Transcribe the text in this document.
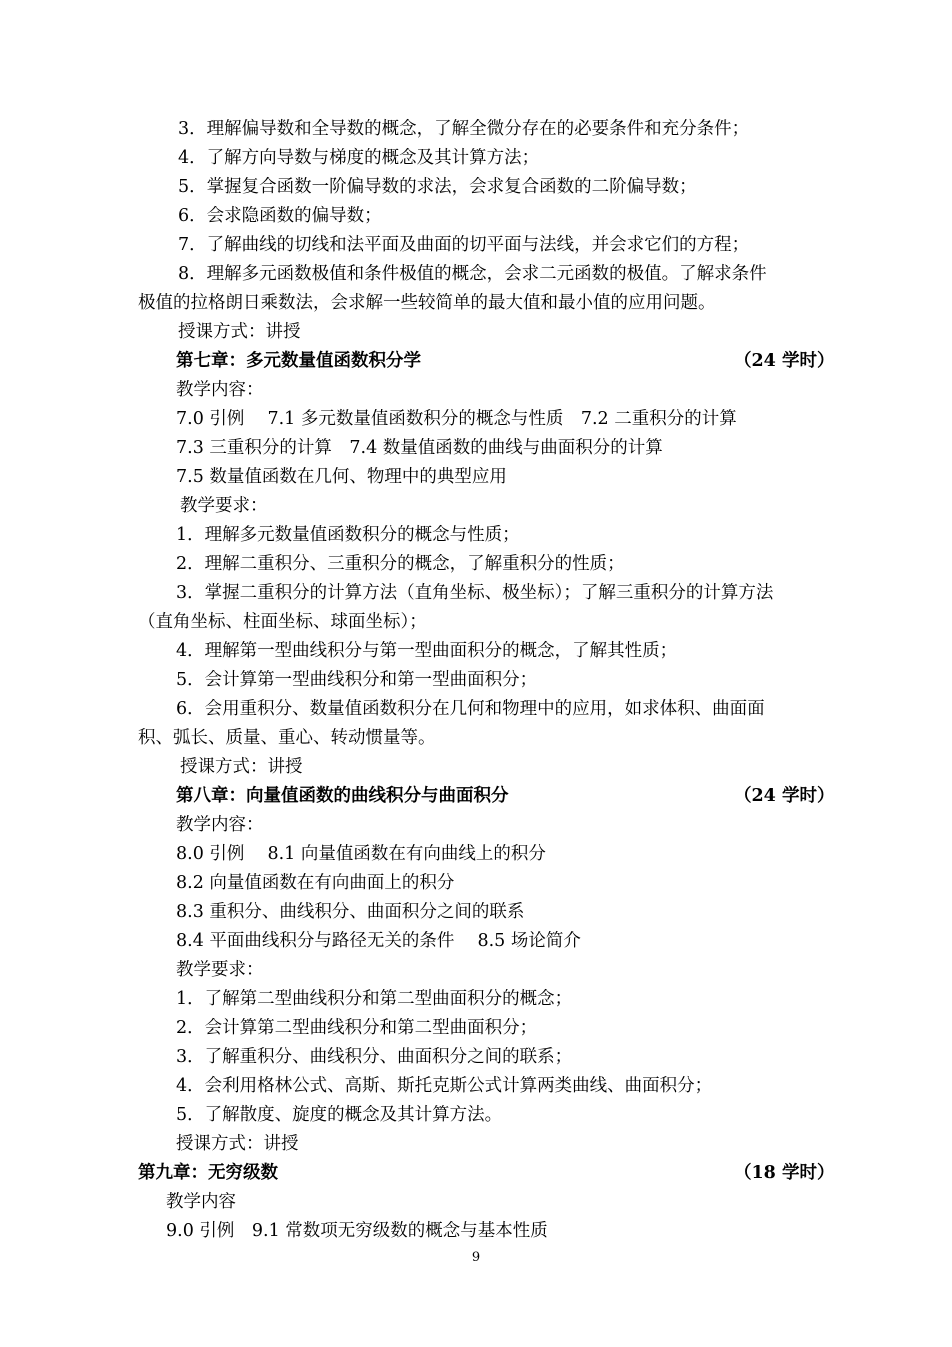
3．理解偏导数和全导数的概念，了解全微分存在的必要条件和充分条件；
4．了解方向导数与梯度的概念及其计算方法；
5．掌握复合函数一阶偏导数的求法，会求复合函数的二阶偏导数；
6．会求隐函数的偏导数；
7．了解曲线的切线和法平面及曲面的切平面与法线，并会求它们的方程；
8．理解多元函数极值和条件极值的概念，会求二元函数的极值。了解求条件
极值的拉格朗日乘数法，会求解一些较简单的最大值和最小值的应用问题。
授课方式：讲授
第七章：多元数量值函数积分学	（24 学时）
教学内容：
7.0 引例　 7.1 多元数量值函数积分的概念与性质　7.2 二重积分的计算
7.3 三重积分的计算　7.4 数量值函数的曲线与曲面积分的计算
7.5 数量值函数在几何、物理中的典型应用
教学要求：
1．理解多元数量值函数积分的概念与性质；
2．理解二重积分、三重积分的概念，了解重积分的性质；
3．掌握二重积分的计算方法（直角坐标、极坐标）；了解三重积分的计算方法
（直角坐标、柱面坐标、球面坐标）；
4．理解第一型曲线积分与第一型曲面积分的概念，了解其性质；
5．会计算第一型曲线积分和第一型曲面积分；
6．会用重积分、数量值函数积分在几何和物理中的应用，如求体积、曲面面
积、弧长、质量、重心、转动惯量等。
授课方式：讲授
第八章：向量值函数的曲线积分与曲面积分	（24 学时）
教学内容：
8.0 引例　 8.1 向量值函数在有向曲线上的积分
8.2 向量值函数在有向曲面上的积分
8.3 重积分、曲线积分、曲面积分之间的联系
8.4 平面曲线积分与路径无关的条件　 8.5 场论简介
教学要求：
1．了解第二型曲线积分和第二型曲面积分的概念；
2．会计算第二型曲线积分和第二型曲面积分；
3．了解重积分、曲线积分、曲面积分之间的联系；
4．会利用格林公式、高斯、斯托克斯公式计算两类曲线、曲面积分；
5．了解散度、旋度的概念及其计算方法。
授课方式：讲授
第九章：无穷级数	（18 学时）
教学内容
9.0 引例　9.1 常数项无穷级数的概念与基本性质
9
